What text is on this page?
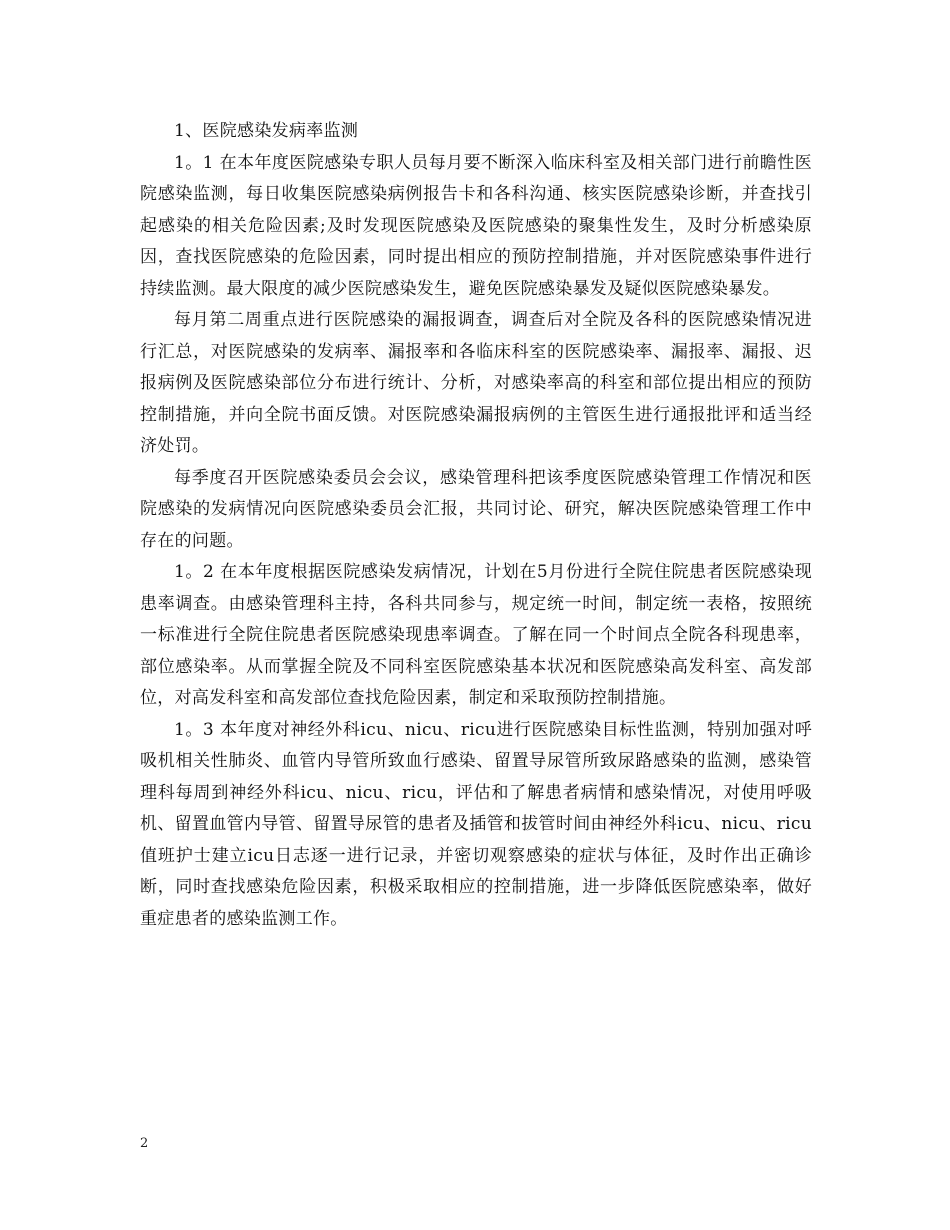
1、医院感染发病率监测

1。1 在本年度医院感染专职人员每月要不断深入临床科室及相关部门进行前瞻性医院感染监测，每日收集医院感染病例报告卡和各科沟通、核实医院感染诊断，并查找引起感染的相关危险因素;及时发现医院感染及医院感染的聚集性发生，及时分析感染原因，查找医院感染的危险因素，同时提出相应的预防控制措施，并对医院感染事件进行持续监测。最大限度的减少医院感染发生，避免医院感染暴发及疑似医院感染暴发。

每月第二周重点进行医院感染的漏报调查，调查后对全院及各科的医院感染情况进行汇总，对医院感染的发病率、漏报率和各临床科室的医院感染率、漏报率、漏报、迟报病例及医院感染部位分布进行统计、分析，对感染率高的科室和部位提出相应的预防控制措施，并向全院书面反馈。对医院感染漏报病例的主管医生进行通报批评和适当经济处罚。

每季度召开医院感染委员会会议，感染管理科把该季度医院感染管理工作情况和医院感染的发病情况向医院感染委员会汇报，共同讨论、研究，解决医院感染管理工作中存在的问题。

1。2 在本年度根据医院感染发病情况，计划在5月份进行全院住院患者医院感染现患率调查。由感染管理科主持，各科共同参与，规定统一时间，制定统一表格，按照统一标准进行全院住院患者医院感染现患率调查。了解在同一个时间点全院各科现患率，部位感染率。从而掌握全院及不同科室医院感染基本状况和医院感染高发科室、高发部位，对高发科室和高发部位查找危险因素，制定和采取预防控制措施。

1。3 本年度对神经外科icu、nicu、ricu进行医院感染目标性监测，特别加强对呼吸机相关性肺炎、血管内导管所致血行感染、留置导尿管所致尿路感染的监测，感染管理科每周到神经外科icu、nicu、ricu，评估和了解患者病情和感染情况，对使用呼吸机、留置血管内导管、留置导尿管的患者及插管和拔管时间由神经外科icu、nicu、ricu值班护士建立icu日志逐一进行记录，并密切观察感染的症状与体征，及时作出正确诊断，同时查找感染危险因素，积极采取相应的控制措施，进一步降低医院感染率，做好重症患者的感染监测工作。

2
